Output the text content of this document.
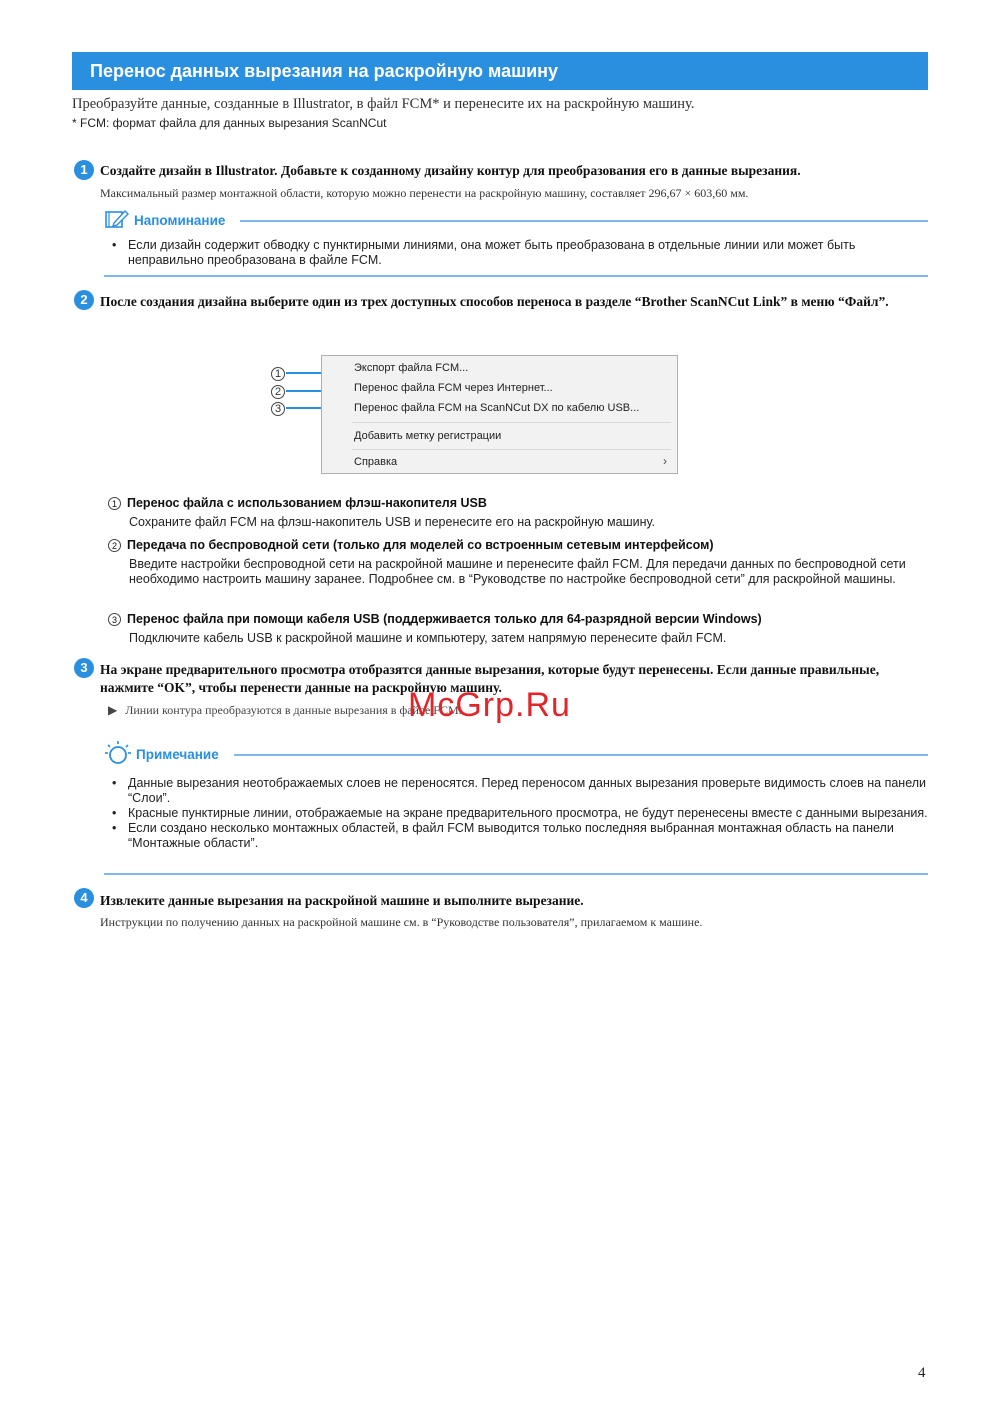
Перенос данных вырезания на раскройную машину
Преобразуйте данные, созданные в Illustrator, в файл FCM* и перенесите их на раскройную машину.
* FCM: формат файла для данных вырезания ScanNCut
1 Создайте дизайн в Illustrator. Добавьте к созданному дизайну контур для преобразования его в данные вырезания.
Максимальный размер монтажной области, которую можно перенести на раскройную машину, составляет 296,67 × 603,60 мм.
Напоминание
• Если дизайн содержит обводку с пунктирными линиями, она может быть преобразована в отдельные линии или может быть неправильно преобразована в файле FCM.
2 После создания дизайна выберите один из трех доступных способов переноса в разделе “Brother ScanNCut Link” в меню “Файл”.
1
2
3
Экспорт файла FCM...
Перенос файла FCM через Интернет...
Перенос файла FCM на ScanNCut DX по кабелю USB...
Добавить метку регистрации
Справка	›
1 Перенос файла с использованием флэш-накопителя USB
Сохраните файл FCM на флэш-накопитель USB и перенесите его на раскройную машину.
2 Передача по беспроводной сети (только для моделей со встроенным сетевым интерфейсом)
Введите настройки беспроводной сети на раскройной машине и перенесите файл FCM. Для передачи данных по беспроводной сети необходимо настроить машину заранее. Подробнее см. в “Руководстве по настройке беспроводной сети” для раскройной машины.
3 Перенос файла при помощи кабеля USB (поддерживается только для 64-разрядной версии Windows)
Подключите кабель USB к раскройной машине и компьютеру, затем напрямую перенесите файл FCM.
3 На экране предварительного просмотра отобразятся данные вырезания, которые будут перенесены. Если данные правильные, нажмите “OK”, чтобы перенести данные на раскройную машину.
▶ Линии контура преобразуются в данные вырезания в файле FCM.
McGrp.Ru
Примечание
• Данные вырезания неотображаемых слоев не переносятся. Перед переносом данных вырезания проверьте видимость слоев на панели “Слои”.
• Красные пунктирные линии, отображаемые на экране предварительного просмотра, не будут перенесены вместе с данными вырезания.
• Если создано несколько монтажных областей, в файл FCM выводится только последняя выбранная монтажная область на панели “Монтажные области”.
4 Извлеките данные вырезания на раскройной машине и выполните вырезание.
Инструкции по получению данных на раскройной машине см. в “Руководстве пользователя”, прилагаемом к машине.
4
